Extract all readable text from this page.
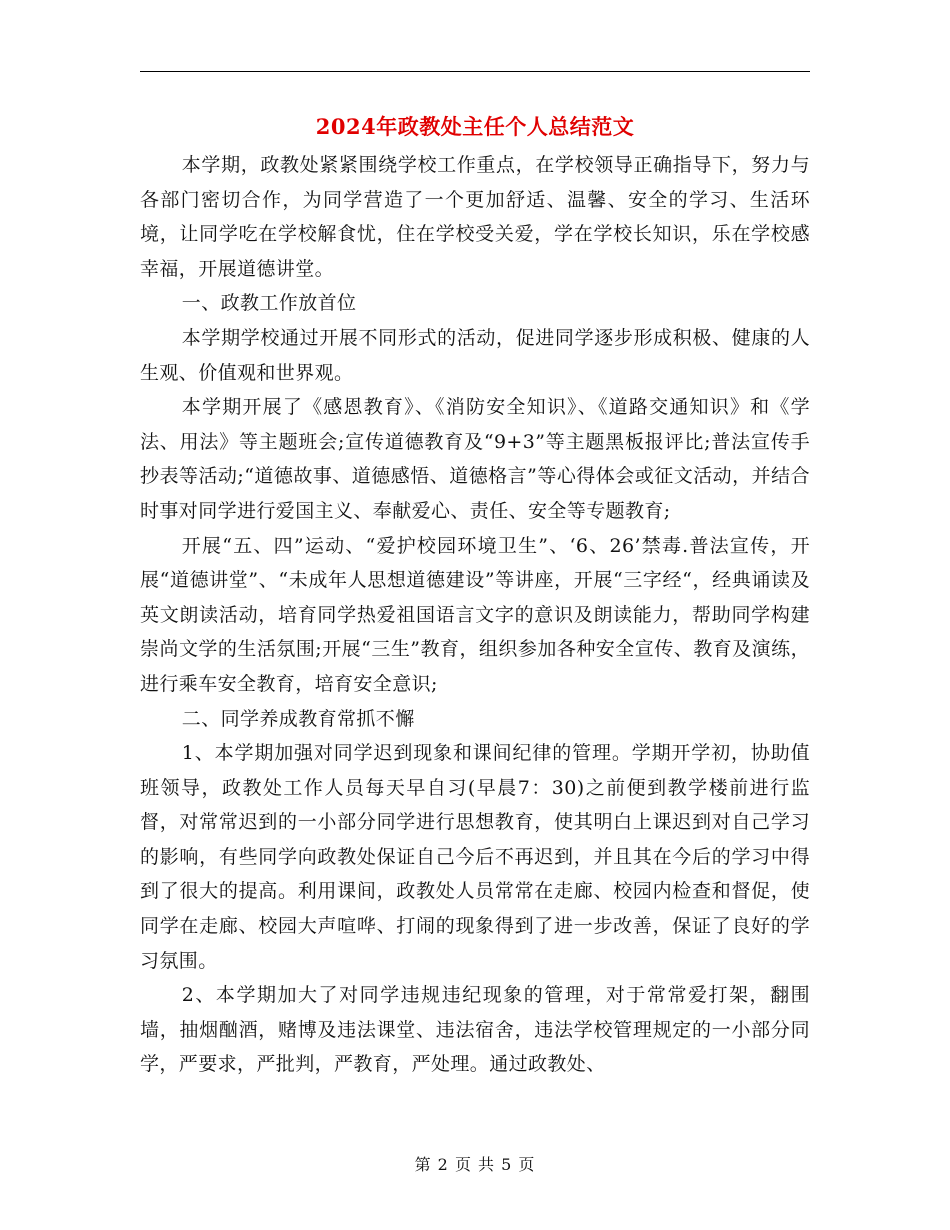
2024年政教处主任个人总结范文

本学期，政教处紧紧围绕学校工作重点，在学校领导正确指导下，努力与各部门密切合作，为同学营造了一个更加舒适、温馨、安全的学习、生活环境，让同学吃在学校解食忧，住在学校受关爱，学在学校长知识，乐在学校感幸福，开展道德讲堂。

一、政教工作放首位

本学期学校通过开展不同形式的活动，促进同学逐步形成积极、健康的人生观、价值观和世界观。

本学期开展了《感恩教育》、《消防安全知识》、《道路交通知识》和《学法、用法》等主题班会;宣传道德教育及“9+3”等主题黑板报评比;普法宣传手抄表等活动;“道德故事、道德感悟、道德格言”等心得体会或征文活动，并结合时事对同学进行爱国主义、奉献爱心、责任、安全等专题教育;

开展“五、四”运动、“爱护校园环境卫生”、‘6、26’禁毒.普法宣传，开展“道德讲堂”、“未成年人思想道德建设”等讲座，开展“三字经“，经典诵读及英文朗读活动，培育同学热爱祖国语言文字的意识及朗读能力，帮助同学构建崇尚文学的生活氛围;开展“三生”教育，组织参加各种安全宣传、教育及演练，进行乘车安全教育，培育安全意识;

二、同学养成教育常抓不懈

1、本学期加强对同学迟到现象和课间纪律的管理。学期开学初，协助值班领导，政教处工作人员每天早自习(早晨7：30)之前便到教学楼前进行监督，对常常迟到的一小部分同学进行思想教育，使其明白上课迟到对自己学习的影响，有些同学向政教处保证自己今后不再迟到，并且其在今后的学习中得到了很大的提高。利用课间，政教处人员常常在走廊、校园内检查和督促，使同学在走廊、校园大声喧哗、打闹的现象得到了进一步改善，保证了良好的学习氛围。

2、本学期加大了对同学违规违纪现象的管理，对于常常爱打架，翻围墙，抽烟酗酒，赌博及违法课堂、违法宿舍，违法学校管理规定的一小部分同学，严要求，严批判，严教育，严处理。通过政教处、

第 2 页 共 5 页
